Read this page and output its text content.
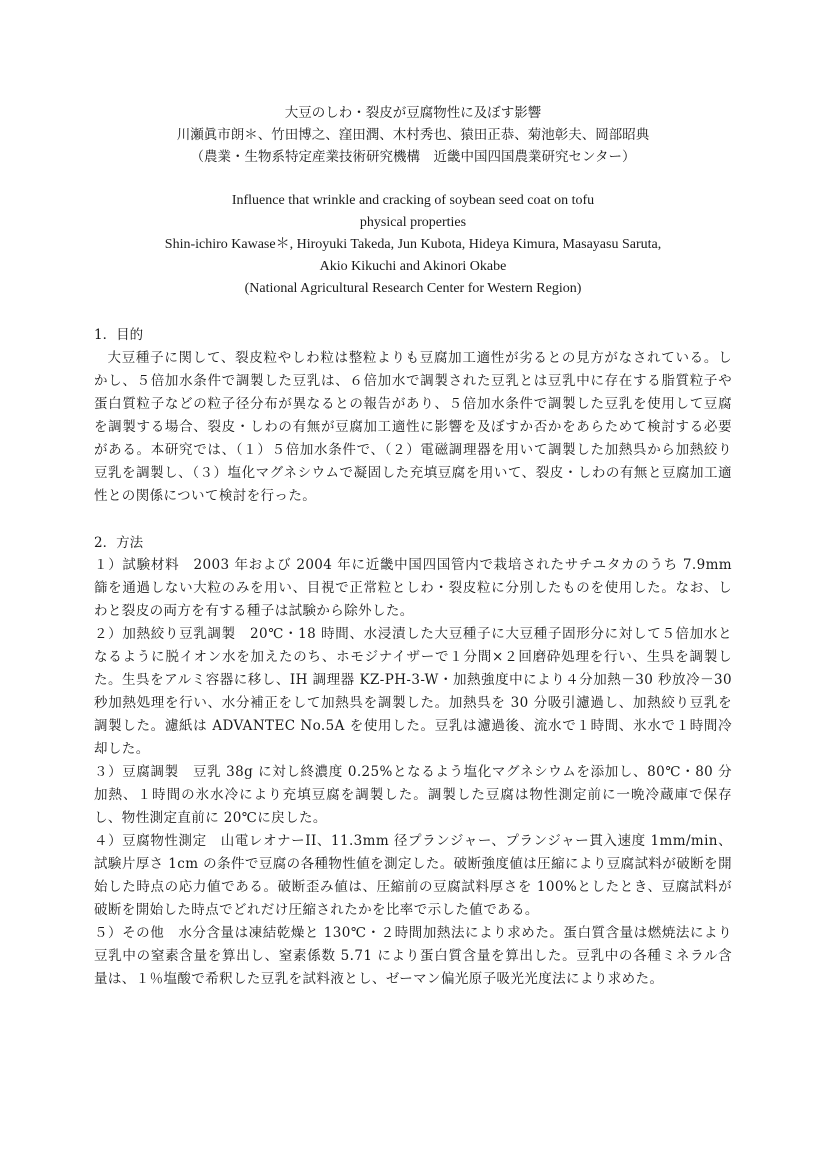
大豆のしわ・裂皮が豆腐物性に及ぼす影響
川瀬眞市朗＊、竹田博之、窪田潤、木村秀也、猿田正恭、菊池彰夫、岡部昭典
（農業・生物系特定産業技術研究機構　近畿中国四国農業研究センター）
Influence that wrinkle and cracking of soybean seed coat on tofu
physical properties
Shin-ichiro Kawase＊, Hiroyuki Takeda, Jun Kubota, Hideya Kimura, Masayasu Saruta,
Akio Kikuchi and Akinori Okabe
(National Agricultural Research Center for Western Region)
1．目的

大豆種子に関して、裂皮粒やしわ粒は整粒よりも豆腐加工適性が劣るとの見方がなされている。しかし、５倍加水条件で調製した豆乳は、６倍加水で調製された豆乳とは豆乳中に存在する脂質粒子や蛋白質粒子などの粒子径分布が異なるとの報告があり、５倍加水条件で調製した豆乳を使用して豆腐を調製する場合、裂皮・しわの有無が豆腐加工適性に影響を及ぼすか否かをあらためて検討する必要がある。本研究では、（１）５倍加水条件で、（２）電磁調理器を用いて調製した加熱呉から加熱絞り豆乳を調製し、（３）塩化マグネシウムで凝固した充填豆腐を用いて、裂皮・しわの有無と豆腐加工適性との関係について検討を行った。

2．方法

１）試験材料　2003 年および 2004 年に近畿中国四国管内で栽培されたサチユタカのうち 7.9mm 篩を通過しない大粒のみを用い、目視で正常粒としわ・裂皮粒に分別したものを使用した。なお、しわと裂皮の両方を有する種子は試験から除外した。

２）加熱絞り豆乳調製　20℃・18 時間、水浸漬した大豆種子に大豆種子固形分に対して５倍加水となるように脱イオン水を加えたのち、ホモジナイザーで１分間×２回磨砕処理を行い、生呉を調製した。生呉をアルミ容器に移し、IH 調理器 KZ-PH-3-W・加熱強度中により４分加熱－30 秒放冷－30 秒加熱処理を行い、水分補正をして加熱呉を調製した。加熱呉を 30 分吸引濾過し、加熱絞り豆乳を調製した。濾紙は ADVANTEC No.5A を使用した。豆乳は濾過後、流水で１時間、氷水で１時間冷却した。

３）豆腐調製　豆乳 38g に対し終濃度 0.25%となるよう塩化マグネシウムを添加し、80℃・80 分加熱、１時間の氷水冷により充填豆腐を調製した。調製した豆腐は物性測定前に一晩冷蔵庫で保存し、物性測定直前に 20℃に戻した。

４）豆腐物性測定　山電レオナーII、11.3mm 径プランジャー、プランジャー貫入速度 1mm/min、試験片厚さ 1cm の条件で豆腐の各種物性値を測定した。破断強度値は圧縮により豆腐試料が破断を開始した時点の応力値である。破断歪み値は、圧縮前の豆腐試料厚さを 100%としたとき、豆腐試料が破断を開始した時点でどれだけ圧縮されたかを比率で示した値である。

５）その他　水分含量は凍結乾燥と 130℃・２時間加熱法により求めた。蛋白質含量は燃焼法により豆乳中の窒素含量を算出し、窒素係数 5.71 により蛋白質含量を算出した。豆乳中の各種ミネラル含量は、１％塩酸で希釈した豆乳を試料液とし、ゼーマン偏光原子吸光光度法により求めた。
